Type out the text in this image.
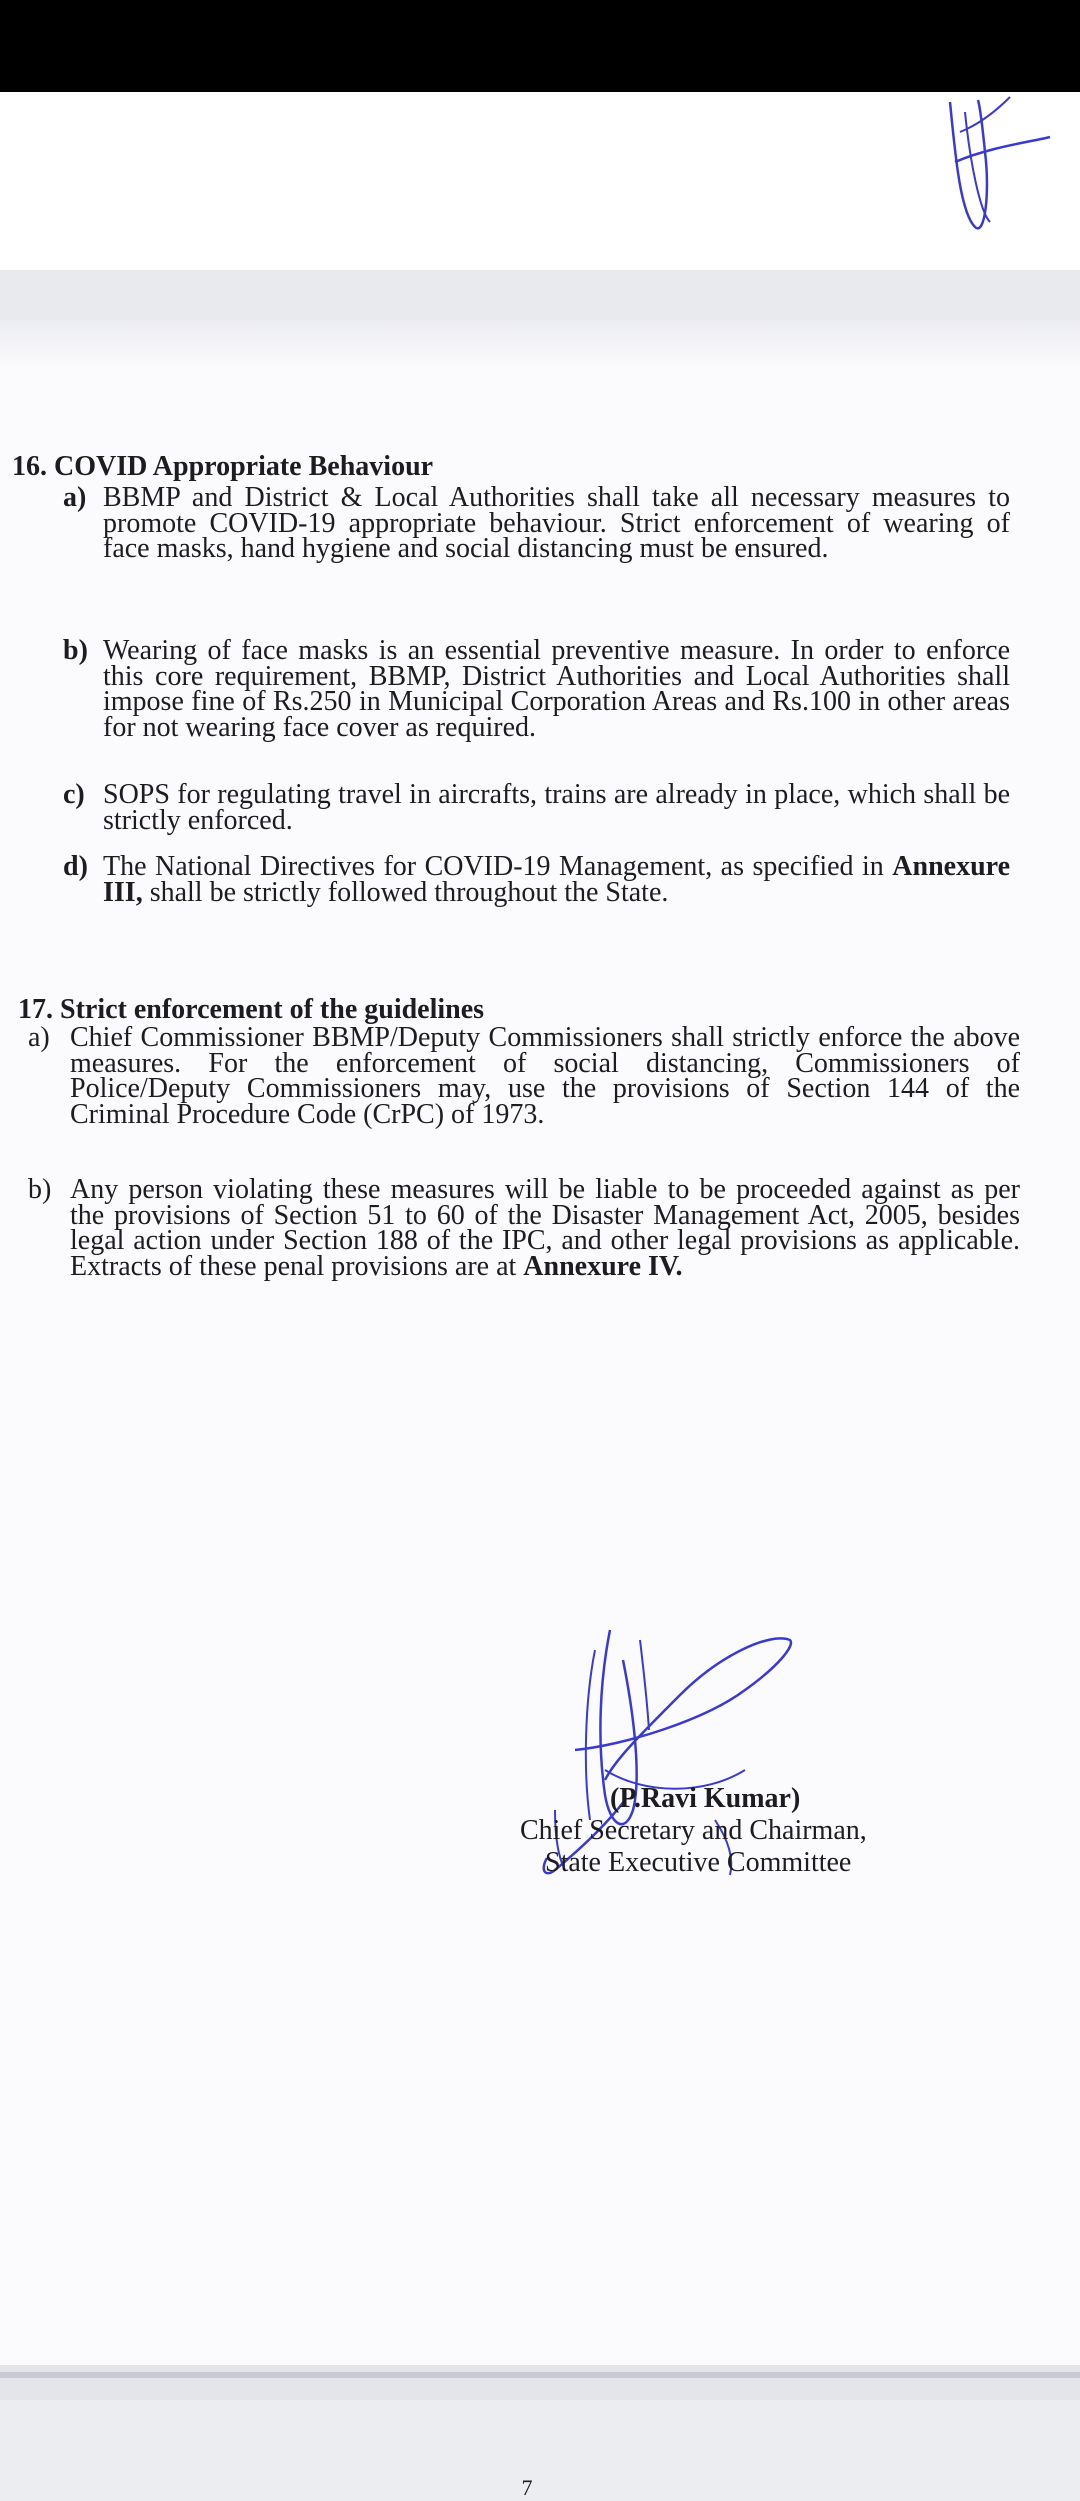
16. COVID Appropriate Behaviour
a) BBMP and District & Local Authorities shall take all necessary measures to promote COVID-19 appropriate behaviour. Strict enforcement of wearing of face masks, hand hygiene and social distancing must be ensured.
b) Wearing of face masks is an essential preventive measure. In order to enforce this core requirement, BBMP, District Authorities and Local Authorities shall impose fine of Rs.250 in Municipal Corporation Areas and Rs.100 in other areas for not wearing face cover as required.
c) SOPS for regulating travel in aircrafts, trains are already in place, which shall be strictly enforced.
d) The National Directives for COVID-19 Management, as specified in Annexure III, shall be strictly followed throughout the State.
17. Strict enforcement of the guidelines
a) Chief Commissioner BBMP/Deputy Commissioners shall strictly enforce the above measures. For the enforcement of social distancing, Commissioners of Police/Deputy Commissioners may, use the provisions of Section 144 of the Criminal Procedure Code (CrPC) of 1973.
b) Any person violating these measures will be liable to be proceeded against as per the provisions of Section 51 to 60 of the Disaster Management Act, 2005, besides legal action under Section 188 of the IPC, and other legal provisions as applicable. Extracts of these penal provisions are at Annexure IV.
(P.Ravi Kumar)
Chief Secretary and Chairman,
State Executive Committee
7
